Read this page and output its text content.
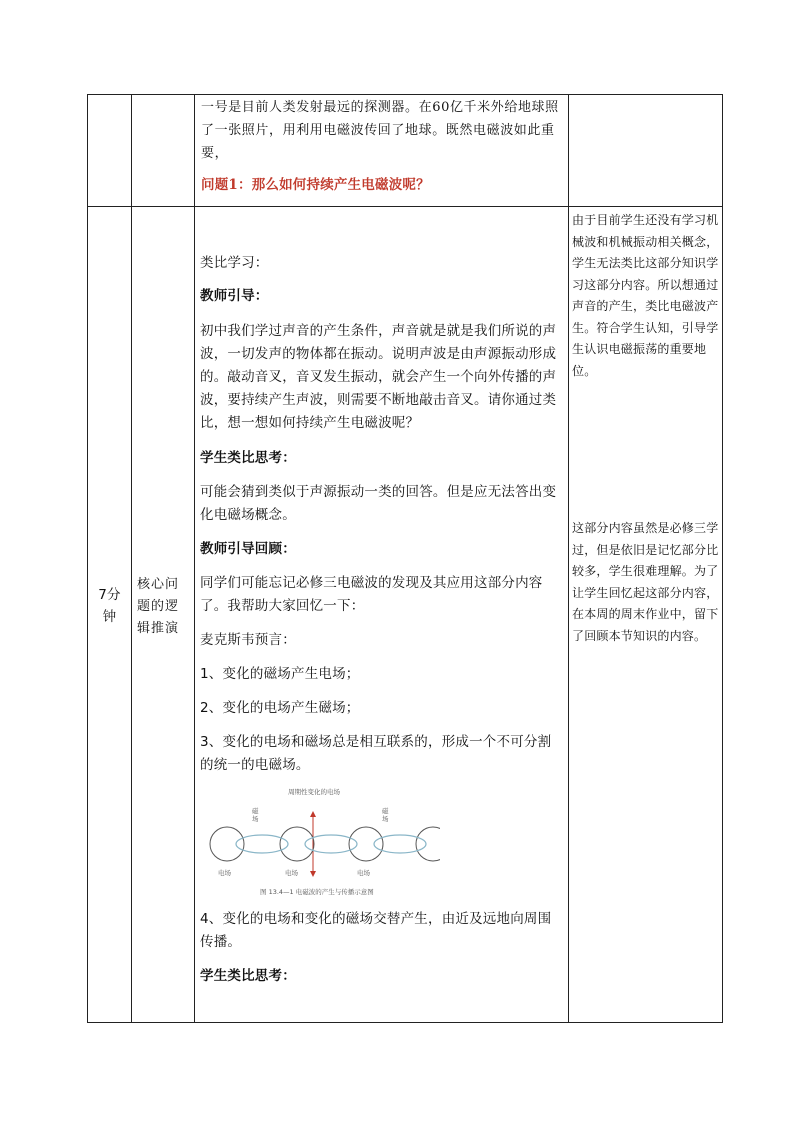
一号是目前人类发射最远的探测器。在60亿千米外给地球照了一张照片，用利用电磁波传回了地球。既然电磁波如此重要，

问题1：那么如何持续产生电磁波呢？

7分钟

核心问题的逻辑推演

类比学习：

教师引导：

初中我们学过声音的产生条件，声音就是就是我们所说的声波，一切发声的物体都在振动。说明声波是由声源振动形成的。敲动音叉，音叉发生振动，就会产生一个向外传播的声波，要持续产生声波，则需要不断地敲击音叉。请你通过类比，想一想如何持续产生电磁波呢？

学生类比思考：

可能会猜到类似于声源振动一类的回答。但是应无法答出变化电磁场概念。

教师引导回顾：

同学们可能忘记必修三电磁波的发现及其应用这部分内容了。我帮助大家回忆一下：

麦克斯韦预言：

1、变化的磁场产生电场；

2、变化的电场产生磁场；

3、变化的电场和磁场总是相互联系的，形成一个不可分割的统一的电磁场。

周期性变化的电场
磁场
磁场
电场	电场	电场

图 13.4—1 电磁波的产生与传播示意图

4、变化的电场和变化的磁场交替产生，由近及远地向周围传播。

学生类比思考：

由于目前学生还没有学习机械波和机械振动相关概念，学生无法类比这部分知识学习这部分内容。所以想通过声音的产生，类比电磁波产生。符合学生认知，引导学生认识电磁振荡的重要地位。

这部分内容虽然是必修三学过，但是依旧是记忆部分比较多，学生很难理解。为了让学生回忆起这部分内容，在本周的周末作业中，留下了回顾本节知识的内容。
